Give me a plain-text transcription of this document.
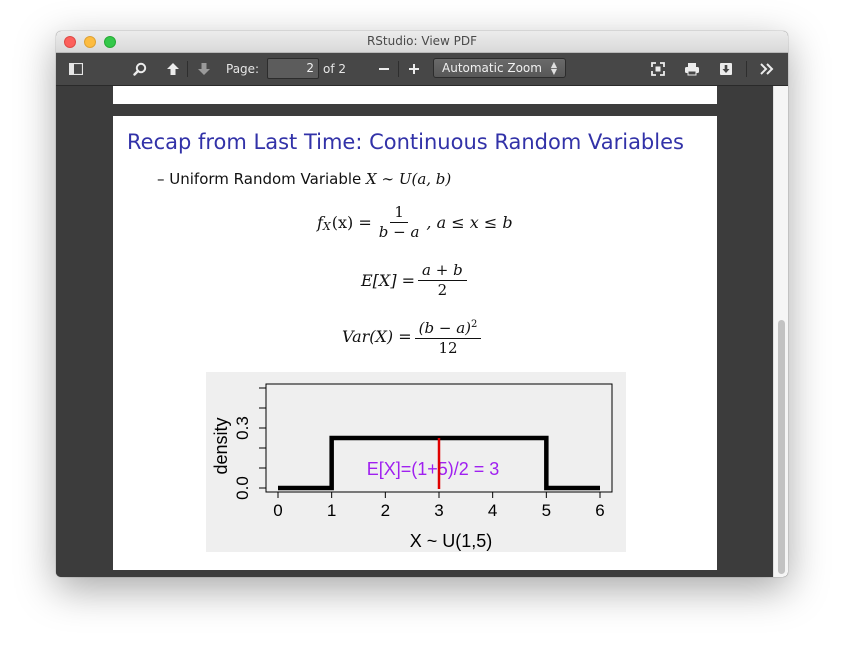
RStudio: View PDF
Page:	2 of 2	Automatic Zoom ▲
▼
Recap from Last Time: Continuous Random Variables
– Uniform Random Variable X ∼ U(a, b)
$f_X$ $(x) = \frac{1}{b - a}$ , a ≤ x ≤ b
$E[X] = \frac{a + b}{2}$
$Var(X) = \frac{(b - a)^2}{12}$
0	1	2	3	4	5	6
0.0
0.3
X ~ U(1,5)
density	E[X]=(1+5)/2 = 3
